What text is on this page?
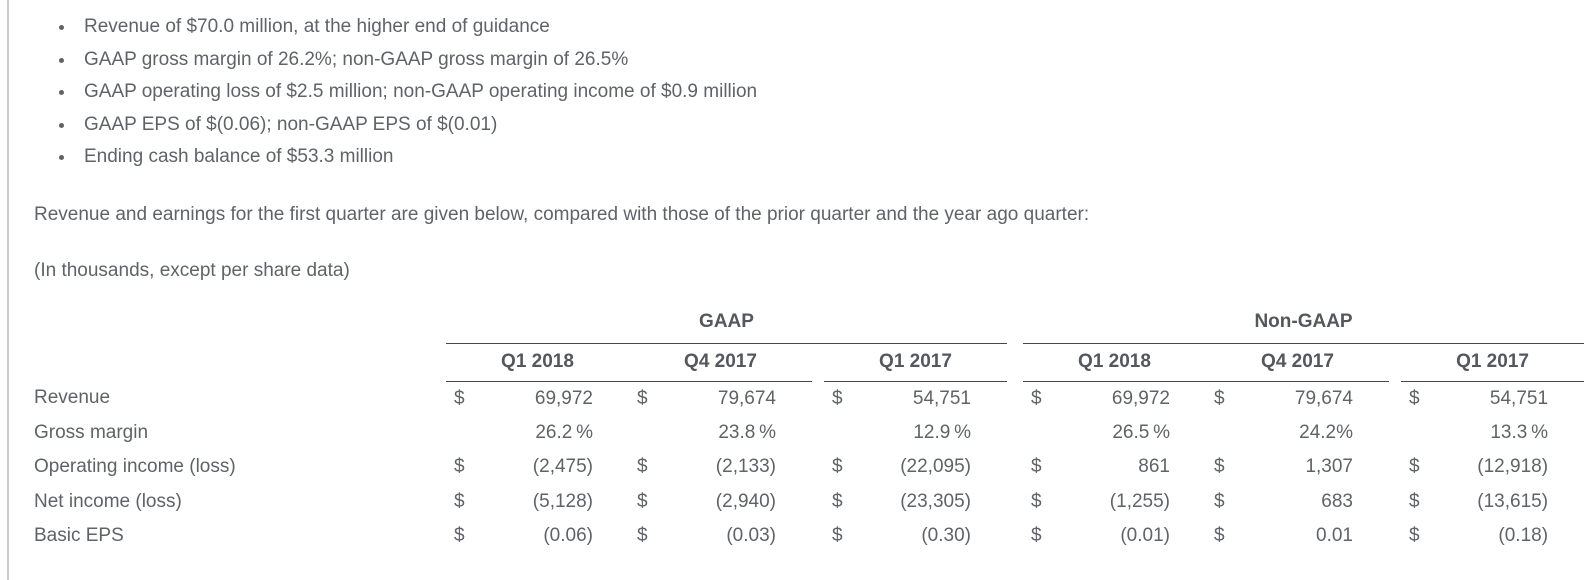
• Revenue of $70.0 million, at the higher end of guidance
• GAAP gross margin of 26.2%; non-GAAP gross margin of 26.5%
• GAAP operating loss of $2.5 million; non-GAAP operating income of $0.9 million
• GAAP EPS of $(0.06); non-GAAP EPS of $(0.01)
• Ending cash balance of $53.3 million

Revenue and earnings for the first quarter are given below, compared with those of the prior quarter and the year ago quarter:

(In thousands, except per share data)

	GAAP								Non-GAAP						
	Q1 2018		Q4 2017			Q1 2017			Q1 2018		Q4 2017			Q1 2017	
Revenue	$	69,972	$	79,674		$	54,751		$	69,972	$	79,674		$	54,751
Gross margin		26.2 %		23.8 %			12.9 %			26.5 %		24.2%			13.3 %
Operating income (loss)	$	(2,475)	$	(2,133)		$	(22,095)		$	861	$	1,307		$	(12,918)
Net income (loss)	$	(5,128)	$	(2,940)		$	(23,305)		$	(1,255)	$	683		$	(13,615)
Basic EPS	$	(0.06)	$	(0.03)		$	(0.30)		$	(0.01)	$	0.01		$	(0.18)
